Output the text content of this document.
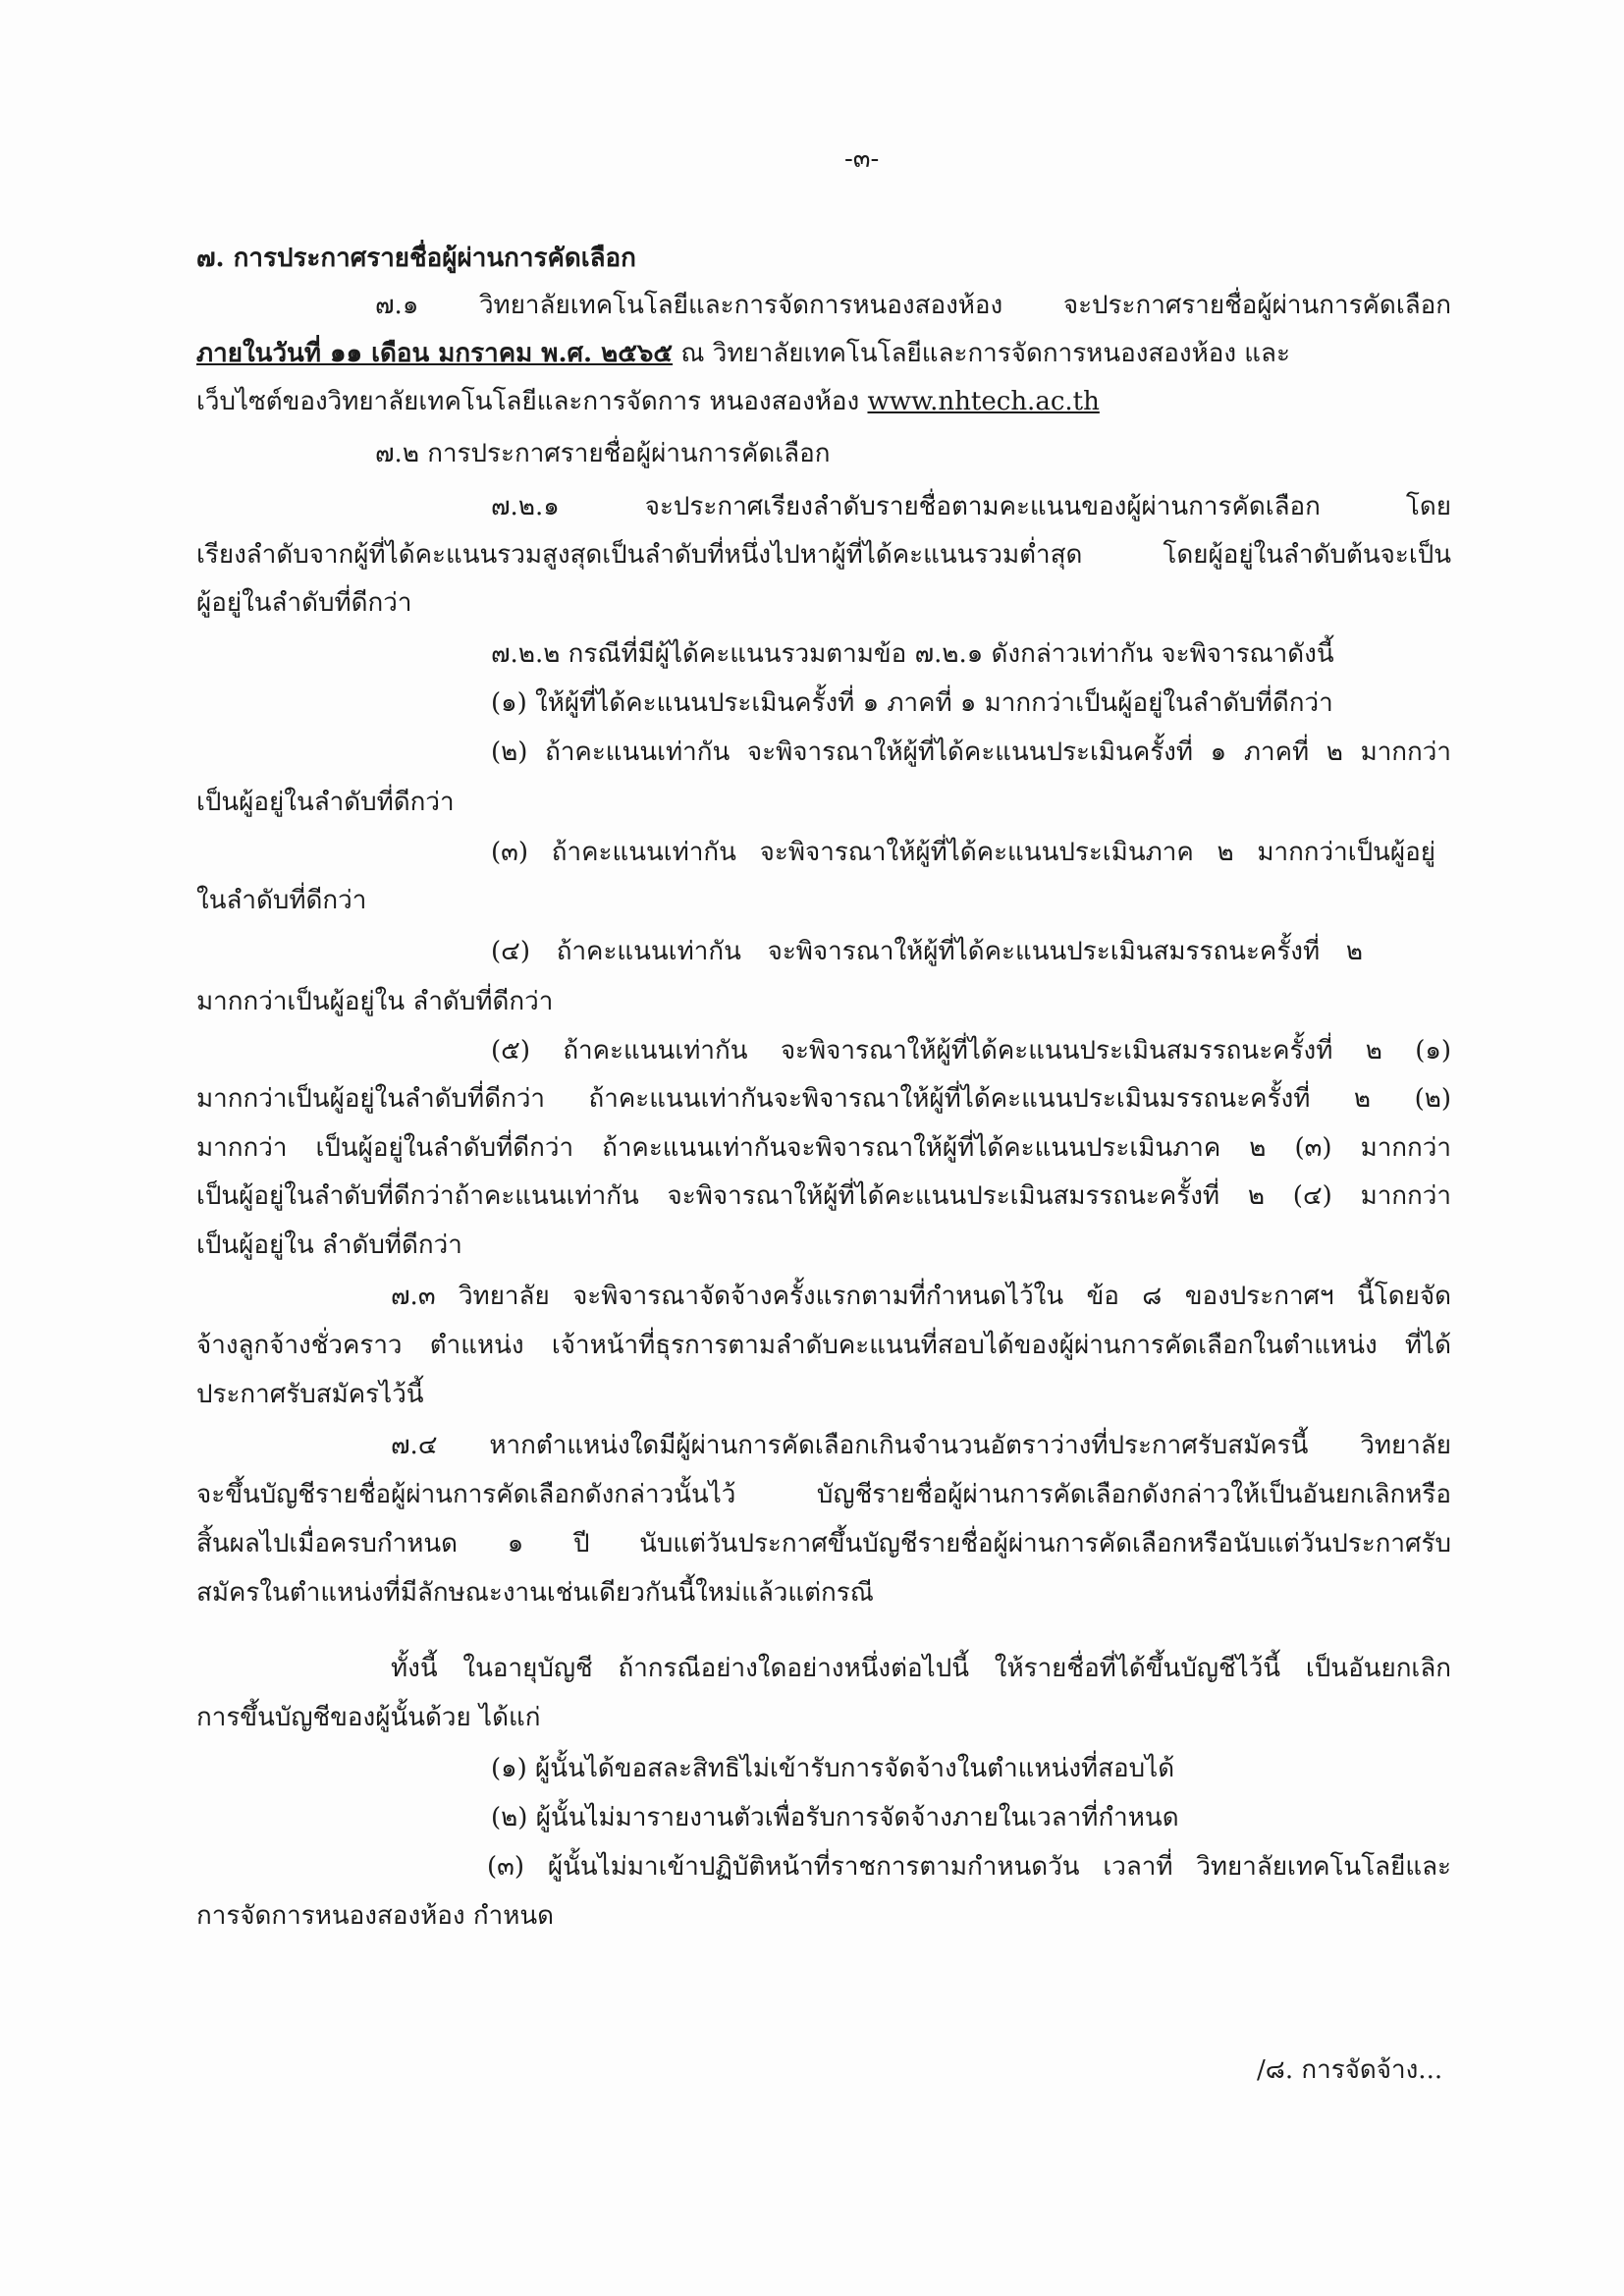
-๓-

๗. การประกาศรายชื่อผู้ผ่านการคัดเลือก

๗.๑ วิทยาลัยเทคโนโลยีและการจัดการหนองสองห้อง จะประกาศรายชื่อผู้ผ่านการคัดเลือก

ภายในวันที่ ๑๑ เดือน มกราคม พ.ศ. ๒๕๖๕ ณ วิทยาลัยเทคโนโลยีและการจัดการหนองสองห้อง และ

เว็บไซต์ของวิทยาลัยเทคโนโลยีและการจัดการ หนองสองห้อง www.nhtech.ac.th

๗.๒ การประกาศรายชื่อผู้ผ่านการคัดเลือก

๗.๒.๑ จะประกาศเรียงลำดับรายชื่อตามคะแนนของผู้ผ่านการคัดเลือก โดย

เรียงลำดับจากผู้ที่ได้คะแนนรวมสูงสุดเป็นลำดับที่หนึ่งไปหาผู้ที่ได้คะแนนรวมต่ำสุด โดยผู้อยู่ในลำดับต้นจะเป็น

ผู้อยู่ในลำดับที่ดีกว่า

๗.๒.๒ กรณีที่มีผู้ได้คะแนนรวมตามข้อ ๗.๒.๑ ดังกล่าวเท่ากัน จะพิจารณาดังนี้

(๑) ให้ผู้ที่ได้คะแนนประเมินครั้งที่ ๑ ภาคที่ ๑ มากกว่าเป็นผู้อยู่ในลำดับที่ดีกว่า

(๒) ถ้าคะแนนเท่ากัน จะพิจารณาให้ผู้ที่ได้คะแนนประเมินครั้งที่ ๑ ภาคที่ ๒ มากกว่า

เป็นผู้อยู่ในลำดับที่ดีกว่า

(๓) ถ้าคะแนนเท่ากัน จะพิจารณาให้ผู้ที่ได้คะแนนประเมินภาค ๒ มากกว่าเป็นผู้อยู่

ในลำดับที่ดีกว่า

(๔) ถ้าคะแนนเท่ากัน จะพิจารณาให้ผู้ที่ได้คะแนนประเมินสมรรถนะครั้งที่ ๒

มากกว่าเป็นผู้อยู่ใน ลำดับที่ดีกว่า

(๕) ถ้าคะแนนเท่ากัน จะพิจารณาให้ผู้ที่ได้คะแนนประเมินสมรรถนะครั้งที่ ๒ (๑)

มากกว่าเป็นผู้อยู่ในลำดับที่ดีกว่า ถ้าคะแนนเท่ากันจะพิจารณาให้ผู้ที่ได้คะแนนประเมินมรรถนะครั้งที่ ๒ (๒)

มากกว่า เป็นผู้อยู่ในลำดับที่ดีกว่า ถ้าคะแนนเท่ากันจะพิจารณาให้ผู้ที่ได้คะแนนประเมินภาค ๒ (๓) มากกว่า

เป็นผู้อยู่ในลำดับที่ดีกว่าถ้าคะแนนเท่ากัน จะพิจารณาให้ผู้ที่ได้คะแนนประเมินสมรรถนะครั้งที่ ๒ (๔) มากกว่า

เป็นผู้อยู่ใน ลำดับที่ดีกว่า

๗.๓ วิทยาลัย จะพิจารณาจัดจ้างครั้งแรกตามที่กำหนดไว้ใน ข้อ ๘ ของประกาศฯ นี้โดยจัด

จ้างลูกจ้างชั่วคราว ตำแหน่ง เจ้าหน้าที่ธุรการตามลำดับคะแนนที่สอบได้ของผู้ผ่านการคัดเลือกในตำแหน่ง ที่ได้

ประกาศรับสมัครไว้นี้

๗.๔ หากตำแหน่งใดมีผู้ผ่านการคัดเลือกเกินจำนวนอัตราว่างที่ประกาศรับสมัครนี้ วิทยาลัย

จะขึ้นบัญชีรายชื่อผู้ผ่านการคัดเลือกดังกล่าวนั้นไว้ บัญชีรายชื่อผู้ผ่านการคัดเลือกดังกล่าวให้เป็นอันยกเลิกหรือ

สิ้นผลไปเมื่อครบกำหนด ๑ ปี นับแต่วันประกาศขึ้นบัญชีรายชื่อผู้ผ่านการคัดเลือกหรือนับแต่วันประกาศรับ

สมัครในตำแหน่งที่มีลักษณะงานเช่นเดียวกันนี้ใหม่แล้วแต่กรณี

ทั้งนี้ ในอายุบัญชี ถ้ากรณีอย่างใดอย่างหนึ่งต่อไปนี้ ให้รายชื่อที่ได้ขึ้นบัญชีไว้นี้ เป็นอันยกเลิก

การขึ้นบัญชีของผู้นั้นด้วย ได้แก่

(๑) ผู้นั้นได้ขอสละสิทธิไม่เข้ารับการจัดจ้างในตำแหน่งที่สอบได้

(๒) ผู้นั้นไม่มารายงานตัวเพื่อรับการจัดจ้างภายในเวลาที่กำหนด

(๓) ผู้นั้นไม่มาเข้าปฏิบัติหน้าที่ราชการตามกำหนดวัน เวลาที่ วิทยาลัยเทคโนโลยีและ

การจัดการหนองสองห้อง กำหนด

/๘. การจัดจ้าง...
